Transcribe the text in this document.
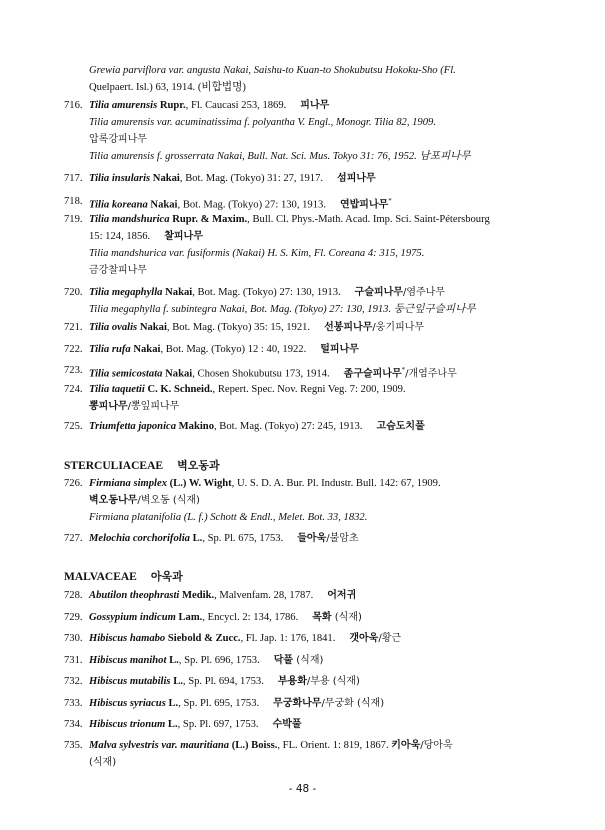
Grewia parviflora var. angusta Nakai, Saishu-to Kuan-to Shokubutsu Hokoku-Sho (Fl.
Quelpaert. Isl.) 63, 1914. (비합법명)
716. Tilia amurensis Rupr., Fl. Caucasi 253, 1869. 피나무
Tilia amurensis var. acuminatissima f. polyantha V. Engl., Monogr. Tilia 82, 1909.
압록강피나무
Tilia amurensis f. grosserrata Nakai, Bull. Nat. Sci. Mus. Tokyo 31: 76, 1952. 남포피나무
717. Tilia insularis Nakai, Bot. Mag. (Tokyo) 31: 27, 1917. 섬피나무
718. Tilia koreana Nakai, Bot. Mag. (Tokyo) 27: 130, 1913. 연밥피나무*
719. Tilia mandshurica Rupr. & Maxim., Bull. Cl. Phys.-Math. Acad. Imp. Sci. Saint-Pétersbourg
15: 124, 1856. 찰피나무
Tilia mandshurica var. fusiformis (Nakai) H. S. Kim, Fl. Coreana 4: 315, 1975.
금강찰피나무
720. Tilia megaphylla Nakai, Bot. Mag. (Tokyo) 27: 130, 1913. 구슬피나무/염주나무
Tilia megaphylla f. subintegra Nakai, Bot. Mag. (Tokyo) 27: 130, 1913. 둥근잎구슬피나무
721. Tilia ovalis Nakai, Bot. Mag. (Tokyo) 35: 15, 1921. 선봉피나무/웅기피나무
722. Tilia rufa Nakai, Bot. Mag. (Tokyo) 12 : 40, 1922. 털피나무
723. Tilia semicostata Nakai, Chosen Shokubutsu 173, 1914. 좀구슬피나무*/개염주나무
724. Tilia taquetii C. K. Schneid., Repert. Spec. Nov. Regni Veg. 7: 200, 1909.
뽕피나무/뽕잎피나무
725. Triumfetta japonica Makino, Bot. Mag. (Tokyo) 27: 245, 1913. 고슴도치풀
STERCULIACEAE 벽오동과
726. Firmiana simplex (L.) W. Wight, U. S. D. A. Bur. Pl. Industr. Bull. 142: 67, 1909.
벽오동나무/벽오동 (식재)
Firmiana platanifolia (L. f.) Schott & Endl., Melet. Bot. 33, 1832.
727. Melochia corchorifolia L., Sp. Pl. 675, 1753. 들아욱/불암초
MALVACEAE 아욱과
728. Abutilon theophrasti Medik., Malvenfam. 28, 1787. 어저귀
729. Gossypium indicum Lam., Encycl. 2: 134, 1786. 목화 (식재)
730. Hibiscus hamabo Siebold & Zucc., Fl. Jap. 1: 176, 1841. 갯아욱/황근
731. Hibiscus manihot L., Sp. Pl. 696, 1753. 닥풀 (식재)
732. Hibiscus mutabilis L., Sp. Pl. 694, 1753. 부용화/부용 (식재)
733. Hibiscus syriacus L., Sp. Pl. 695, 1753. 무궁화나무/무궁화 (식재)
734. Hibiscus trionum L., Sp. Pl. 697, 1753. 수박풀
735. Malva sylvestris var. mauritiana (L.) Boiss., FL. Orient. 1: 819, 1867. 키아욱/당아욱
(식재)
- 48 -
